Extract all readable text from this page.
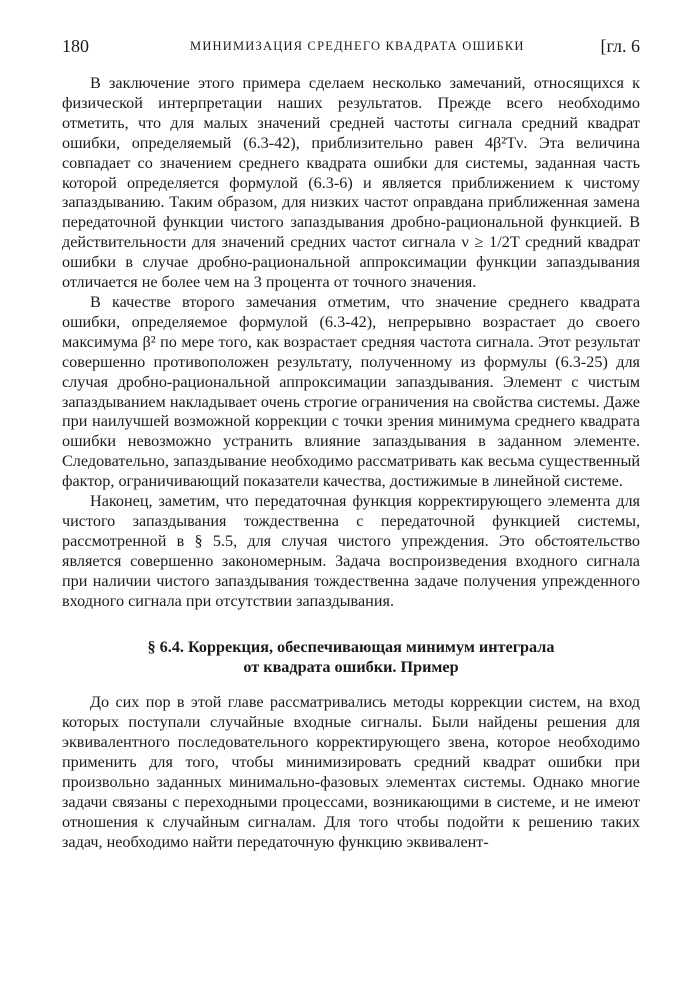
180	МИНИМИЗАЦИЯ СРЕДНЕГО КВАДРАТА ОШИБКИ	[гл. 6

В заключение этого примера сделаем несколько замечаний, относящихся к физической интерпретации наших результатов. Прежде всего необходимо отметить, что для малых значений средней частоты сигнала средний квадрат ошибки, определяемый (6.3-42), приблизительно равен 4β²Tν. Эта величина совпадает со значением среднего квадрата ошибки для системы, заданная часть которой определяется формулой (6.3-6) и является приближением к чистому запаздыванию. Таким образом, для низких частот оправдана приближенная замена передаточной функции чистого запаздывания дробно-рациональной функцией. В действительности для значений средних частот сигнала ν ≥ 1/2T средний квадрат ошибки в случае дробно-рациональной аппроксимации функции запаздывания отличается не более чем на 3 процента от точного значения.

В качестве второго замечания отметим, что значение среднего квадрата ошибки, определяемое формулой (6.3-42), непрерывно возрастает до своего максимума β² по мере того, как возрастает средняя частота сигнала. Этот результат совершенно противоположен результату, полученному из формулы (6.3-25) для случая дробно-рациональной аппроксимации запаздывания. Элемент с чистым запаздыванием накладывает очень строгие ограничения на свойства системы. Даже при наилучшей возможной коррекции с точки зрения минимума среднего квадрата ошибки невозможно устранить влияние запаздывания в заданном элементе. Следовательно, запаздывание необходимо рассматривать как весьма существенный фактор, ограничивающий показатели качества, достижимые в линейной системе.

Наконец, заметим, что передаточная функция корректирующего элемента для чистого запаздывания тождественна с передаточной функцией системы, рассмотренной в § 5.5, для случая чистого упреждения. Это обстоятельство является совершенно закономерным. Задача воспроизведения входного сигнала при наличии чистого запаздывания тождественна задаче получения упрежденного входного сигнала при отсутствии запаздывания.

§ 6.4. Коррекция, обеспечивающая минимум интеграла
от квадрата ошибки. Пример

До сих пор в этой главе рассматривались методы коррекции систем, на вход которых поступали случайные входные сигналы. Были найдены решения для эквивалентного последовательного корректирующего звена, которое необходимо применить для того, чтобы минимизировать средний квадрат ошибки при произвольно заданных минимально-фазовых элементах системы. Однако многие задачи связаны с переходными процессами, возникающими в системе, и не имеют отношения к случайным сигналам. Для того чтобы подойти к решению таких задач, необходимо найти передаточную функцию эквивалент-
